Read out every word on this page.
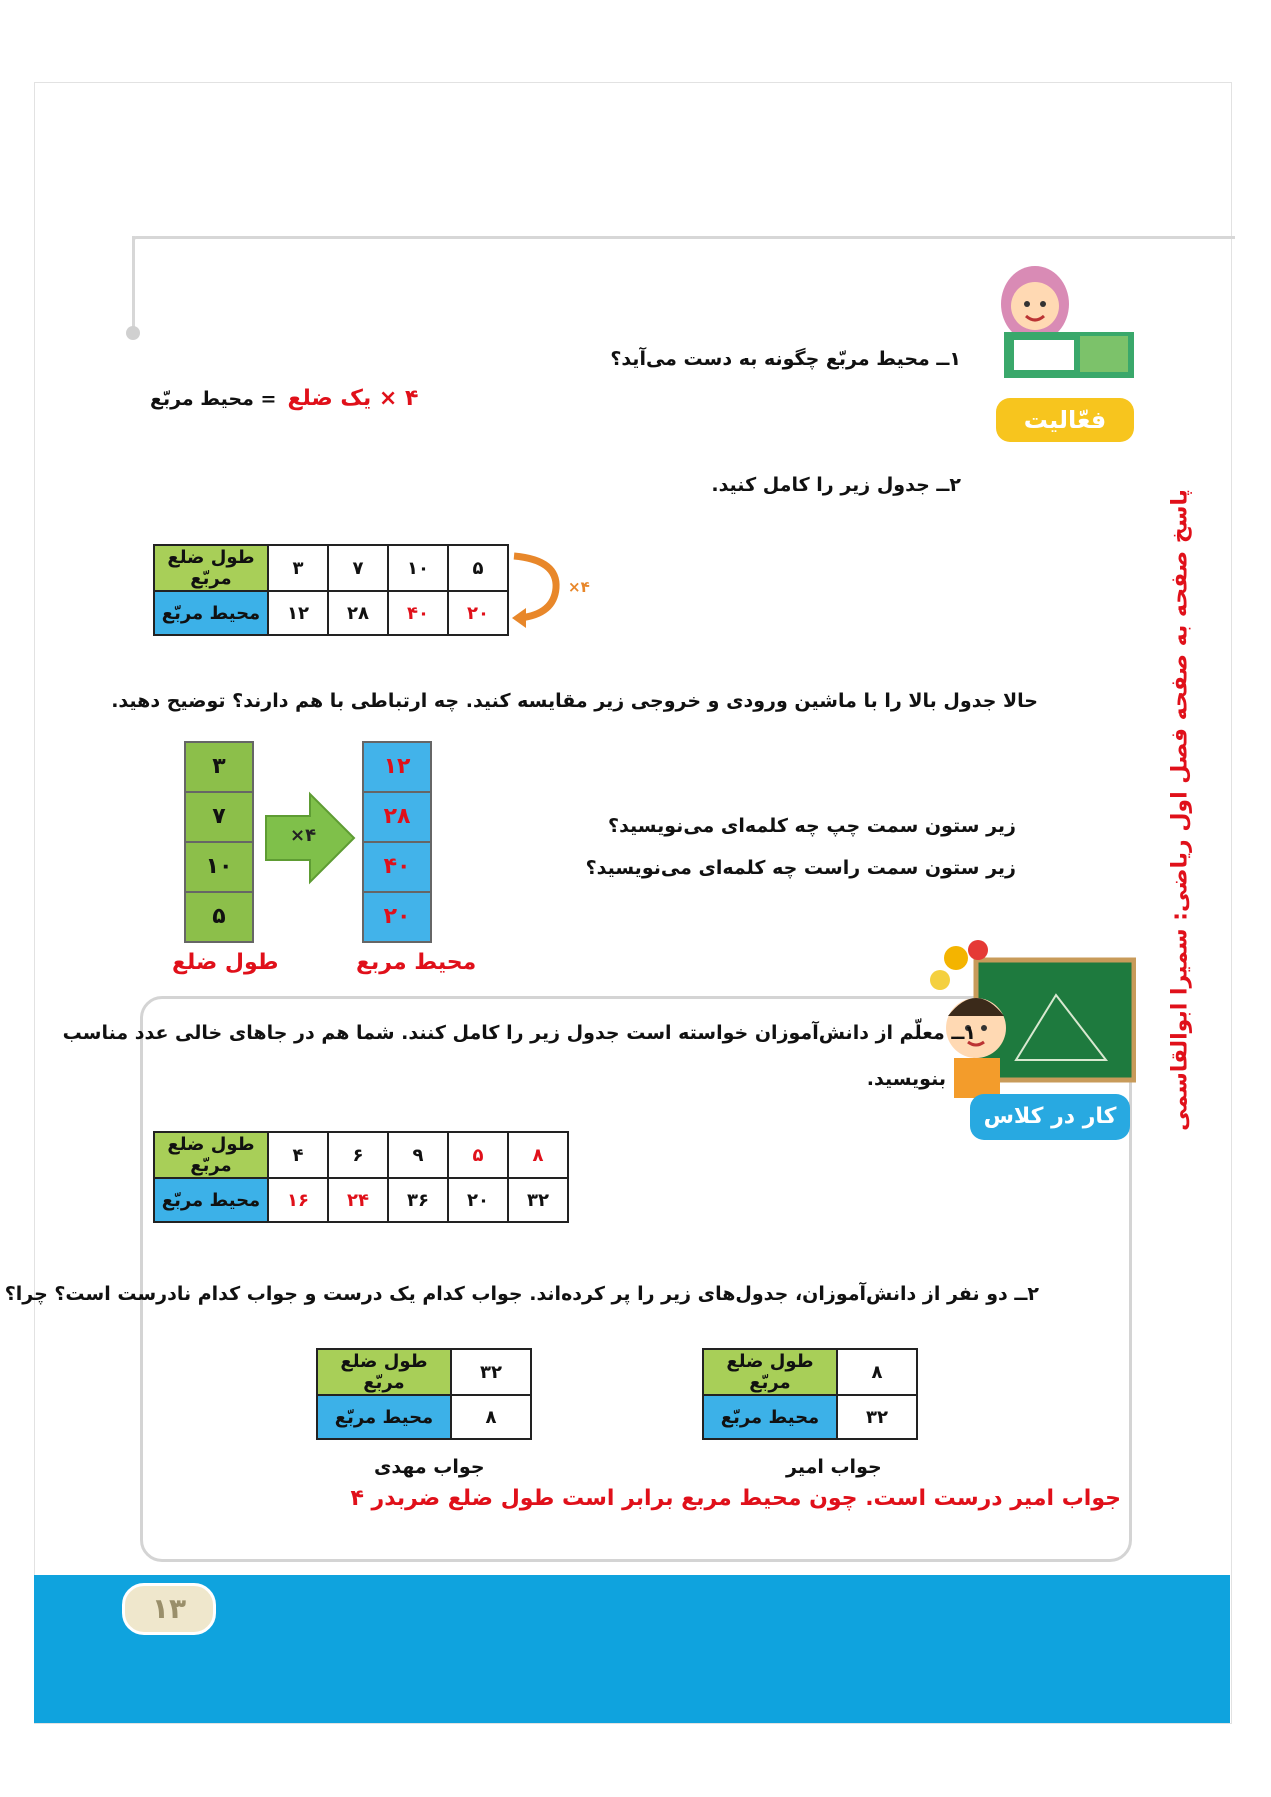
فعّالیت
۱ــ محیط مربّع چگونه به دست می‌آید؟
۴ × یک ضلع = محیط مربّع
۲ــ جدول زیر را کامل کنید.
۵	۱۰	۷	۳	طول ضلع مربّع
۲۰	۴۰	۲۸	۱۲	محیط مربّع
×۴
حالا جدول بالا را با ماشین ورودی و خروجی زیر مقایسه کنید. چه ارتباطی با هم دارند؟ توضیح دهید.
۳
۷
۱۰
۵
×۴
۱۲
۲۸
۴۰
۲۰
طول ضلع	محیط مربع
زیر ستون سمت چپ چه کلمه‌ای می‌نویسید؟
زیر ستون سمت راست چه کلمه‌ای می‌نویسید؟	پاسخ صفحه به صفحه فصل اول ریاضی: سمیرا ابوالقاسمی
کار در کلاس
۱ــ معلّم از دانش‌آموزان خواسته است جدول زیر را کامل کنند. شما هم در جاهای خالی عدد مناسب
بنویسید.
۸	۵	۹	۶	۴	طول ضلع مربّع
۳۲	۲۰	۳۶	۲۴	۱۶	محیط مربّع
۲ــ دو نفر از دانش‌آموزان، جدول‌های زیر را پر کرده‌اند. جواب کدام یک درست و جواب کدام نادرست است؟ چرا؟
۸	طول ضلع مربّع
۳۲	محیط مربّع
جواب امیر
۳۲	طول ضلع مربّع
۸	محیط مربّع
جواب مهدی
جواب امیر درست است. چون محیط مربع برابر است طول ضلع ضربدر ۴
۱۳
